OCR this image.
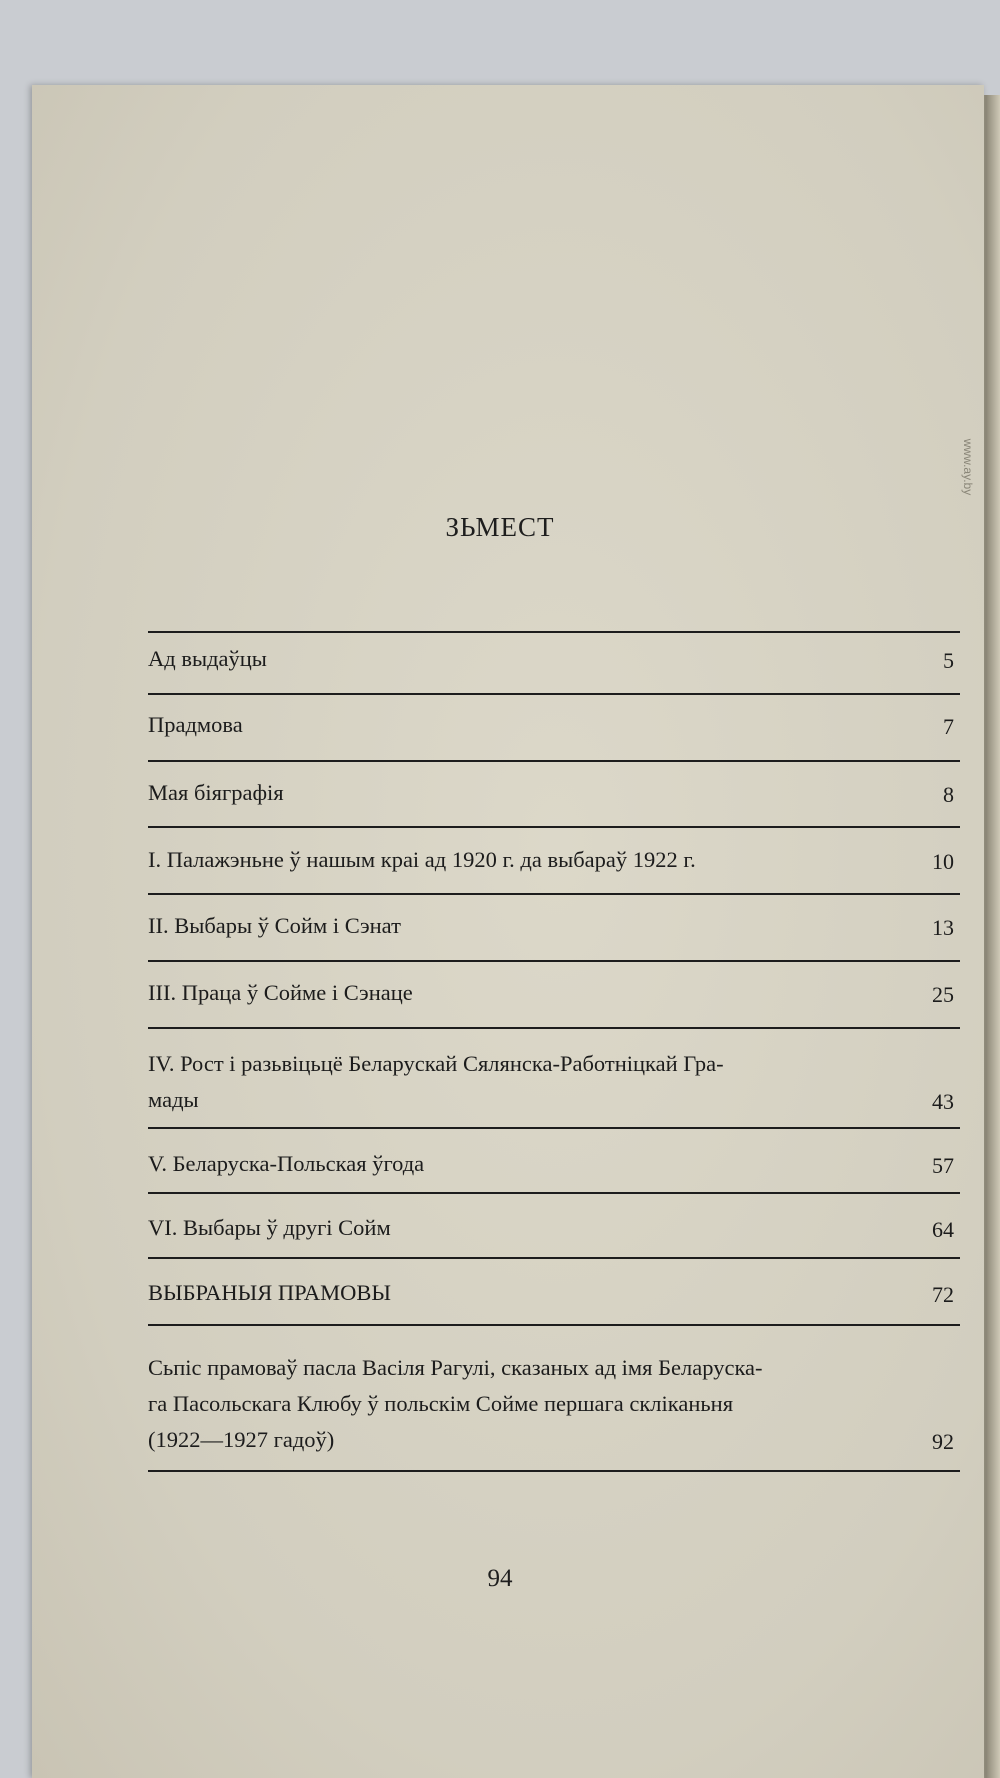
ЗЬМЕСТ
Ад выдаўцы	5
Прадмова	7
Мая біяграфія	8
I. Палажэньне ў нашым краі ад 1920 г. да выбараў 1922 г.	10
II. Выбары ў Сойм і Сэнат	13
III. Праца ў Сойме і Сэнаце	25
IV. Рост і разьвіцьцё Беларускай Сялянска-Работніцкай Гра-
мады	43
V. Беларуска-Польская ўгода	57
VI. Выбары ў другі Сойм	64
ВЫБРАНЫЯ ПРАМОВЫ	72
Сьпіс прамоваў пасла Васіля Рагулі, сказаных ад імя Беларуска-
га Пасольскага Клюбу ў польскім Сойме першага скліканьня
(1922—1927 гадоў)	92
94
www.ay.by
